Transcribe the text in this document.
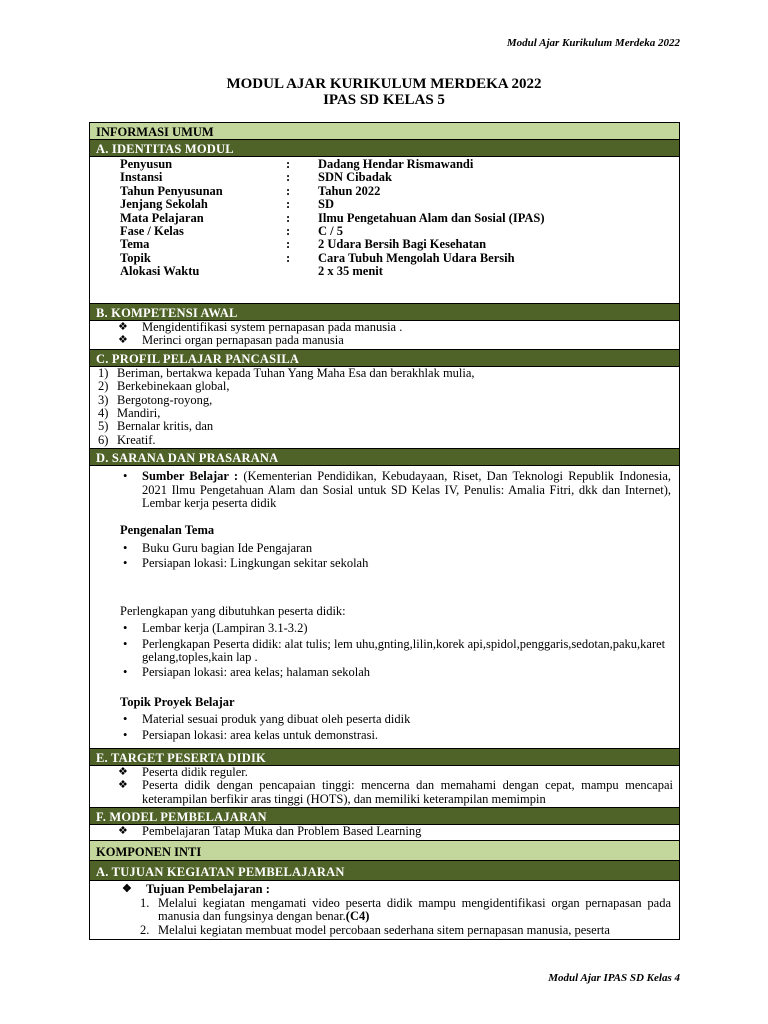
Modul Ajar Kurikulum Merdeka 2022
MODUL AJAR KURIKULUM MERDEKA 2022
IPAS SD KELAS 5
INFORMASI UMUM
A. IDENTITAS MODUL
Penyusun	:	Dadang Hendar Rismawandi
Instansi	:	SDN Cibadak
Tahun Penyusunan	:	Tahun 2022
Jenjang Sekolah	:	SD
Mata Pelajaran	:	Ilmu Pengetahuan Alam dan Sosial (IPAS)
Fase / Kelas	:	C / 5
Tema	:	2 Udara Bersih Bagi Kesehatan
Topik	:	Cara Tubuh Mengolah Udara Bersih
Alokasi Waktu	2 x 35 menit
B. KOMPETENSI AWAL
❖ Mengidentifikasi system pernapasan pada manusia .
❖ Merinci organ pernapasan pada manusia
C. PROFIL PELAJAR PANCASILA
1) Beriman, bertakwa kepada Tuhan Yang Maha Esa dan berakhlak mulia,
2) Berkebinekaan global,
3) Bergotong-royong,
4) Mandiri,
5) Bernalar kritis, dan
6) Kreatif.
D. SARANA DAN PRASARANA
• Sumber Belajar : (Kementerian Pendidikan, Kebudayaan, Riset, Dan Teknologi Republik Indonesia, 2021 Ilmu Pengetahuan Alam dan Sosial untuk SD Kelas IV, Penulis: Amalia Fitri, dkk dan Internet), Lembar kerja peserta didik
Pengenalan Tema
• Buku Guru bagian Ide Pengajaran
• Persiapan lokasi: Lingkungan sekitar sekolah
Perlengkapan yang dibutuhkan peserta didik:
• Lembar kerja (Lampiran 3.1-3.2)
• Perlengkapan Peserta didik: alat tulis; lem uhu,gnting,lilin,korek api,spidol,penggaris,sedotan,paku,karet gelang,toples,kain lap .
• Persiapan lokasi: area kelas; halaman sekolah
Topik Proyek Belajar
• Material sesuai produk yang dibuat oleh peserta didik
• Persiapan lokasi: area kelas untuk demonstrasi.
E. TARGET PESERTA DIDIK
❖ Peserta didik reguler.
❖ Peserta didik dengan pencapaian tinggi: mencerna dan memahami dengan cepat, mampu mencapai keterampilan berfikir aras tinggi (HOTS), dan memiliki keterampilan memimpin
F. MODEL PEMBELAJARAN
❖ Pembelajaran Tatap Muka dan Problem Based Learning
KOMPONEN INTI
A. TUJUAN KEGIATAN PEMBELAJARAN
❖ Tujuan Pembelajaran :
1. Melalui kegiatan mengamati video peserta didik mampu mengidentifikasi organ pernapasan pada manusia dan fungsinya dengan benar.(C4)
2. Melalui kegiatan membuat model percobaan sederhana sitem pernapasan manusia, peserta
Modul Ajar IPAS SD Kelas 4
